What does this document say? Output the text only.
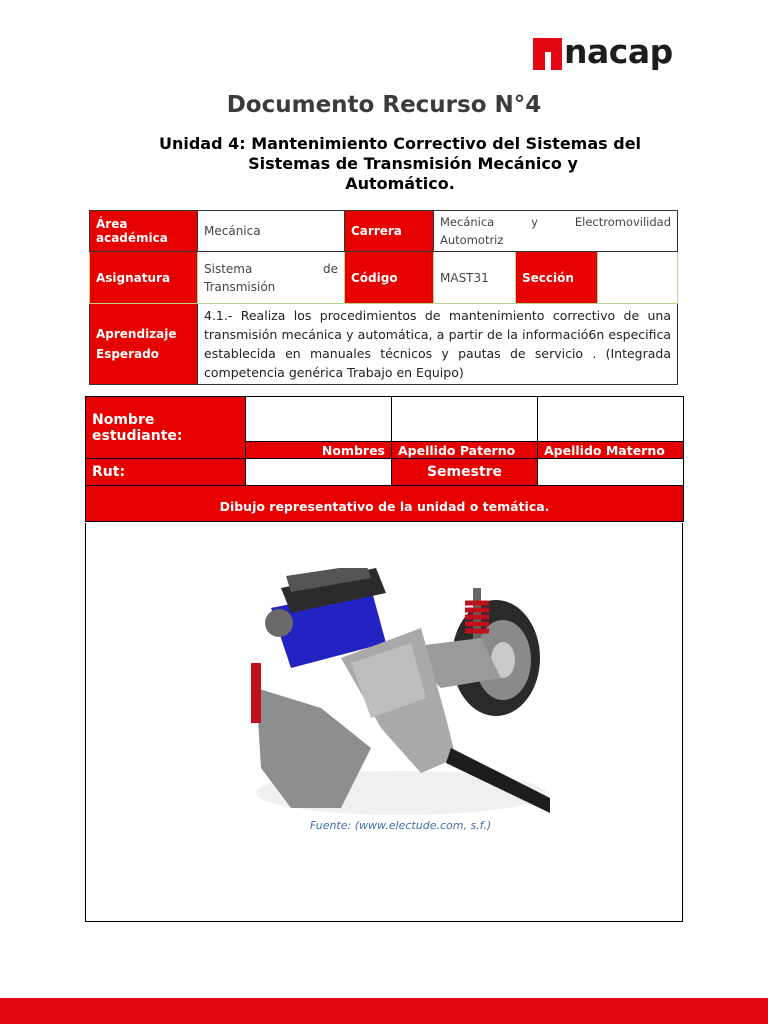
nacap
Documento Recurso N°4
Unidad 4: Mantenimiento Correctivo del Sistemas del
Sistemas de Transmisión Mecánico y
Automático.
Área académica	Mecánica	Carrera	Mecánica y Electromovilidad Automotriz		

Asignatura	Sistema de Transmisión	Código	MAST31	Sección	
Aprendizaje Esperado	4.1.- Realiza los procedimientos de mantenimiento correctivo de una transmisión mecánica y automática, a partir de la informació6n especifica establecida en manuales técnicos y pautas de servicio . (Integrada competencia genérica Trabajo en Equipo)				
Nombre estudiante:			
	Nombres	Apellido Paterno	Apellido Materno
Rut:		Semestre	
Dibujo representativo de la unidad o temática.			
Fuente: (www.electude.com, s.f.)
